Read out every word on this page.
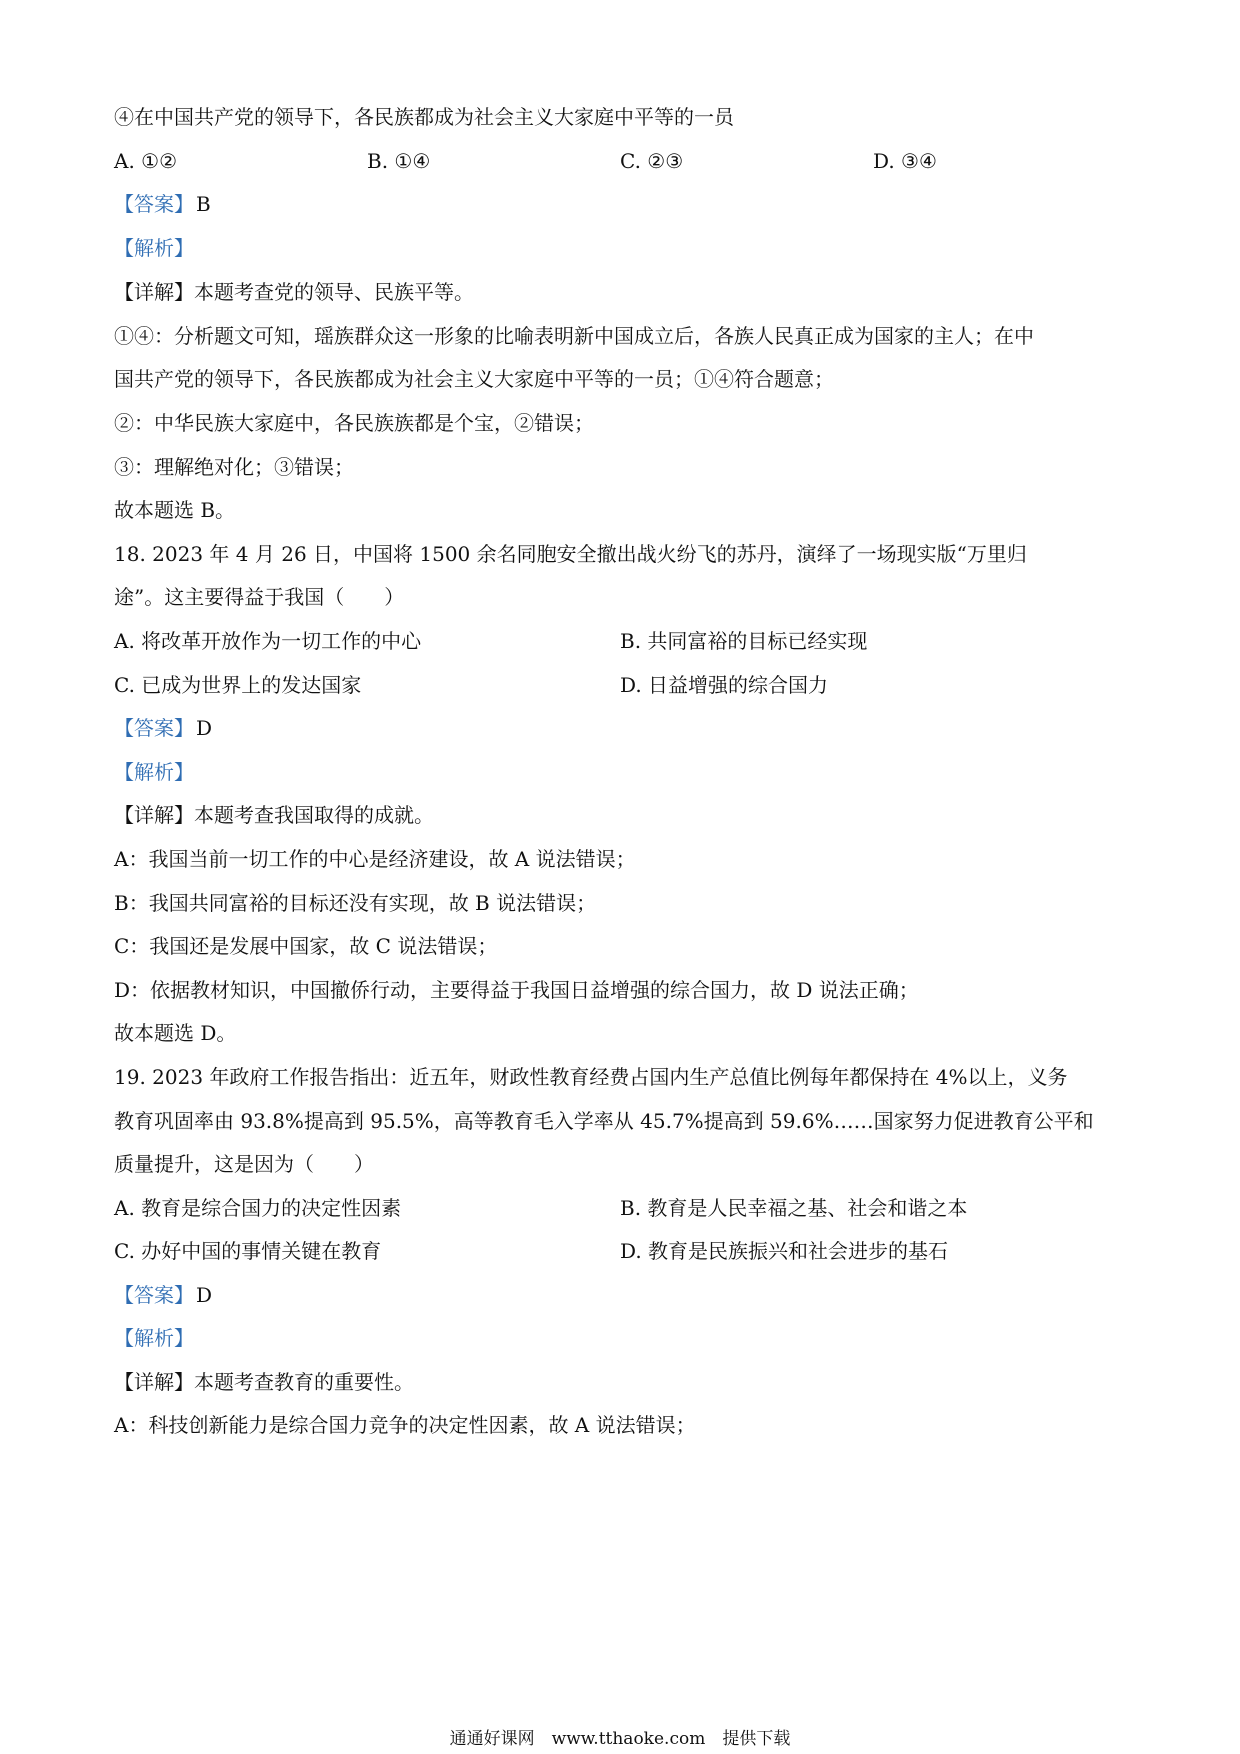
④在中国共产党的领导下，各民族都成为社会主义大家庭中平等的一员
A. ①②	B. ①④	C. ②③	D. ③④
【答案】 B
【解析】
【详解】本题考查党的领导、民族平等。
①④：分析题文可知，瑶族群众这一形象的比喻表明新中国成立后，各族人民真正成为国家的主人；在中
国共产党的领导下，各民族都成为社会主义大家庭中平等的一员；①④符合题意；
②：中华民族大家庭中，各民族族都是个宝，②错误；
③：理解绝对化；③错误；
故本题选 B。
18. 2023 年 4 月 26 日，中国将 1500 余名同胞安全撤出战火纷飞的苏丹，演绎了一场现实版“万里归
途”。这主要得益于我国（　　）
A. 将改革开放作为一切工作的中心	B. 共同富裕的目标已经实现
C. 已成为世界上的发达国家	D. 日益增强的综合国力
【答案】 D
【解析】
【详解】本题考查我国取得的成就。
A：我国当前一切工作的中心是经济建设，故 A 说法错误；
B：我国共同富裕的目标还没有实现，故 B 说法错误；
C：我国还是发展中国家，故 C 说法错误；
D：依据教材知识，中国撤侨行动，主要得益于我国日益增强的综合国力，故 D 说法正确；
故本题选 D。
19. 2023 年政府工作报告指出：近五年，财政性教育经费占国内生产总值比例每年都保持在 4%以上，义务
教育巩固率由 93.8%提高到 95.5%，高等教育毛入学率从 45.7%提高到 59.6%……国家努力促进教育公平和
质量提升，这是因为（　　）
A. 教育是综合国力的决定性因素	B. 教育是人民幸福之基、社会和谐之本
C. 办好中国的事情关键在教育	D. 教育是民族振兴和社会进步的基石
【答案】 D
【解析】
【详解】本题考查教育的重要性。
A：科技创新能力是综合国力竞争的决定性因素，故 A 说法错误；
通通好课网　www.tthaoke.com　提供下载
